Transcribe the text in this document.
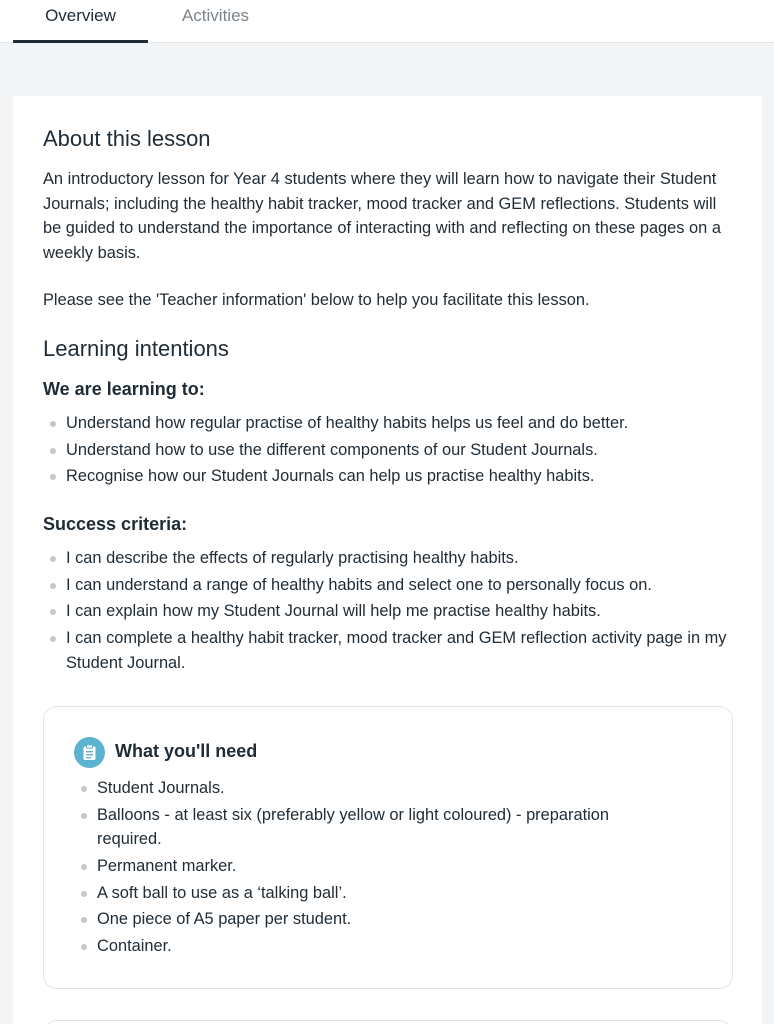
Overview	Activities
About this lesson

An introductory lesson for Year 4 students where they will learn how to navigate their Student Journals; including the healthy habit tracker, mood tracker and GEM reflections. Students will be guided to understand the importance of interacting with and reflecting on these pages on a weekly basis.

Please see the 'Teacher information' below to help you facilitate this lesson.

Learning intentions
We are learning to:
Understand how regular practise of healthy habits helps us feel and do better.
Understand how to use the different components of our Student Journals.
Recognise how our Student Journals can help us practise healthy habits.
Success criteria:
I can describe the effects of regularly practising healthy habits.
I can understand a range of healthy habits and select one to personally focus on.
I can explain how my Student Journal will help me practise healthy habits.
I can complete a healthy habit tracker, mood tracker and GEM reflection activity page in my Student Journal.
What you'll need
Student Journals.
Balloons - at least six (preferably yellow or light coloured) - preparation required.
Permanent marker.
A soft ball to use as a ‘talking ball’.
One piece of A5 paper per student.
Container.
